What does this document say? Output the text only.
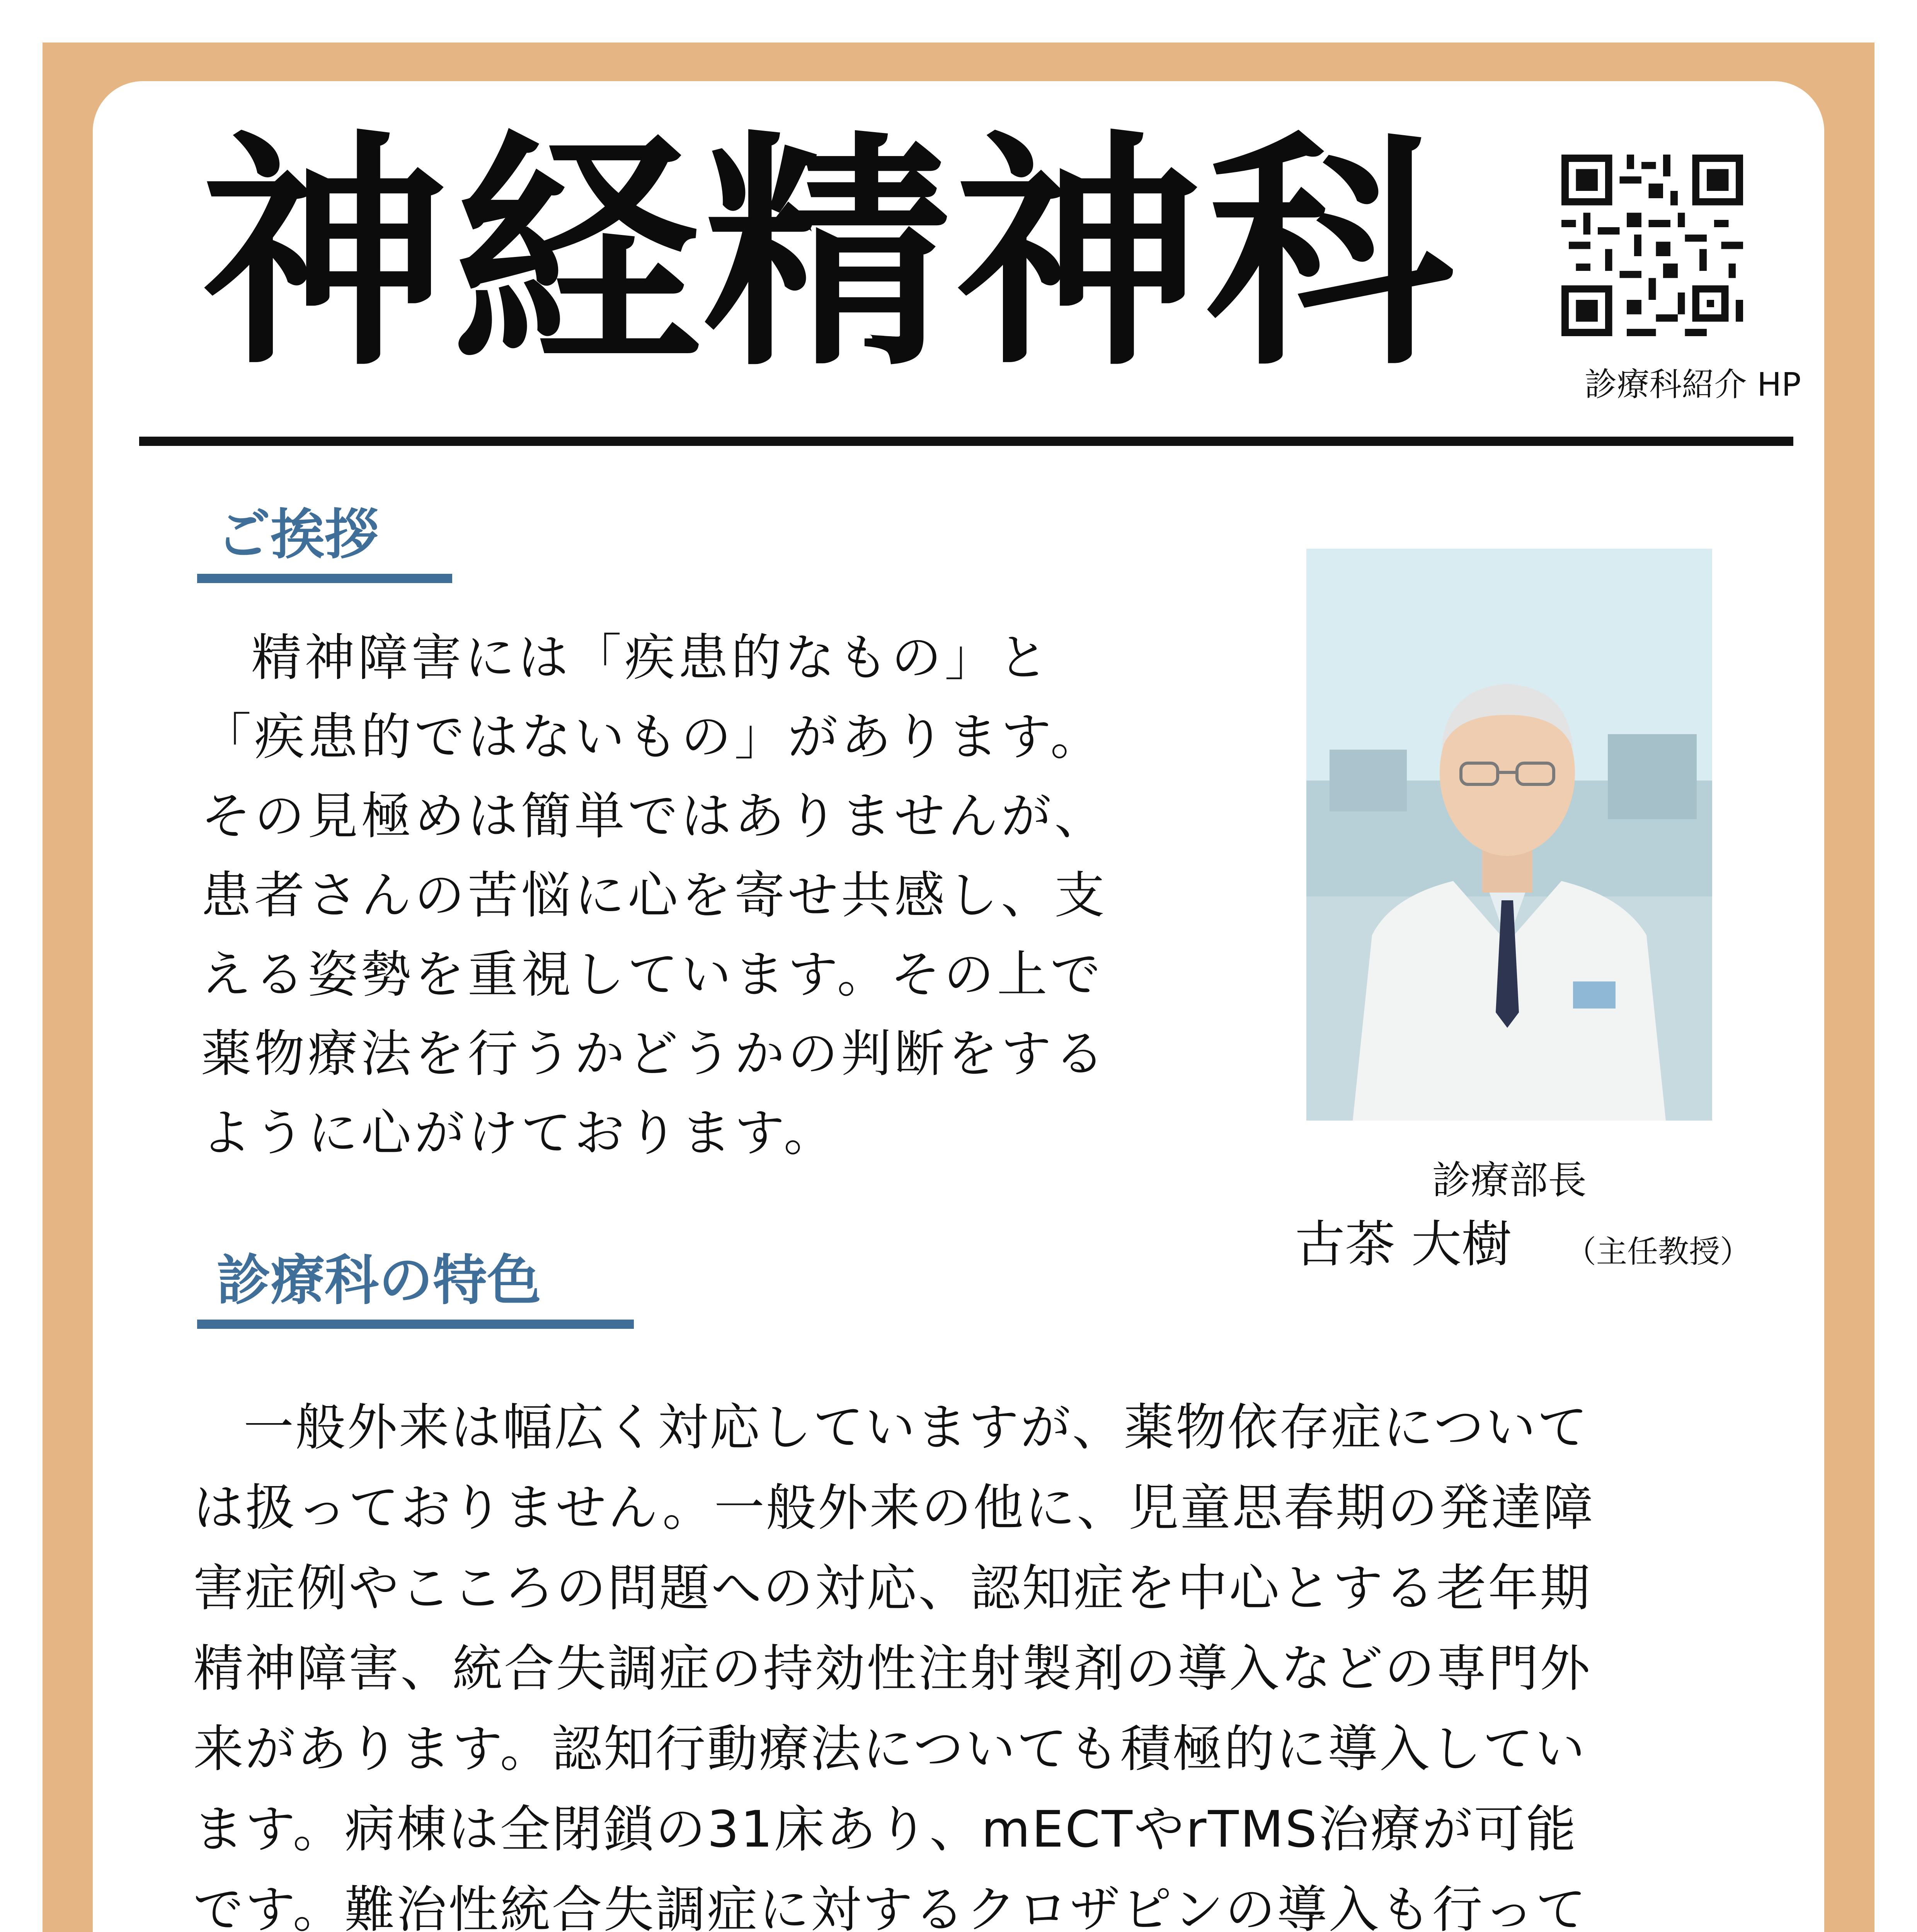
神経精神科	診療科紹介 HP
ご挨拶
精神障害には「疾患的なもの」と
「疾患的ではないもの」があります。
その見極めは簡単ではありませんが、
患者さんの苦悩に心を寄せ共感し、支
える姿勢を重視しています。その上で
薬物療法を行うかどうかの判断をする
ように心がけております。
診療部長
古茶 大樹 （主任教授）
診療科の特色
一般外来は幅広く対応していますが、薬物依存症について
は扱っておりません。一般外来の他に、児童思春期の発達障
害症例やこころの問題への対応、認知症を中心とする老年期
精神障害、統合失調症の持効性注射製剤の導入などの専門外
来があります。認知行動療法についても積極的に導入してい
ます。病棟は全閉鎖の31床あり、mECTやrTMS治療が可能
です。難治性統合失調症に対するクロザピンの導入も行って
